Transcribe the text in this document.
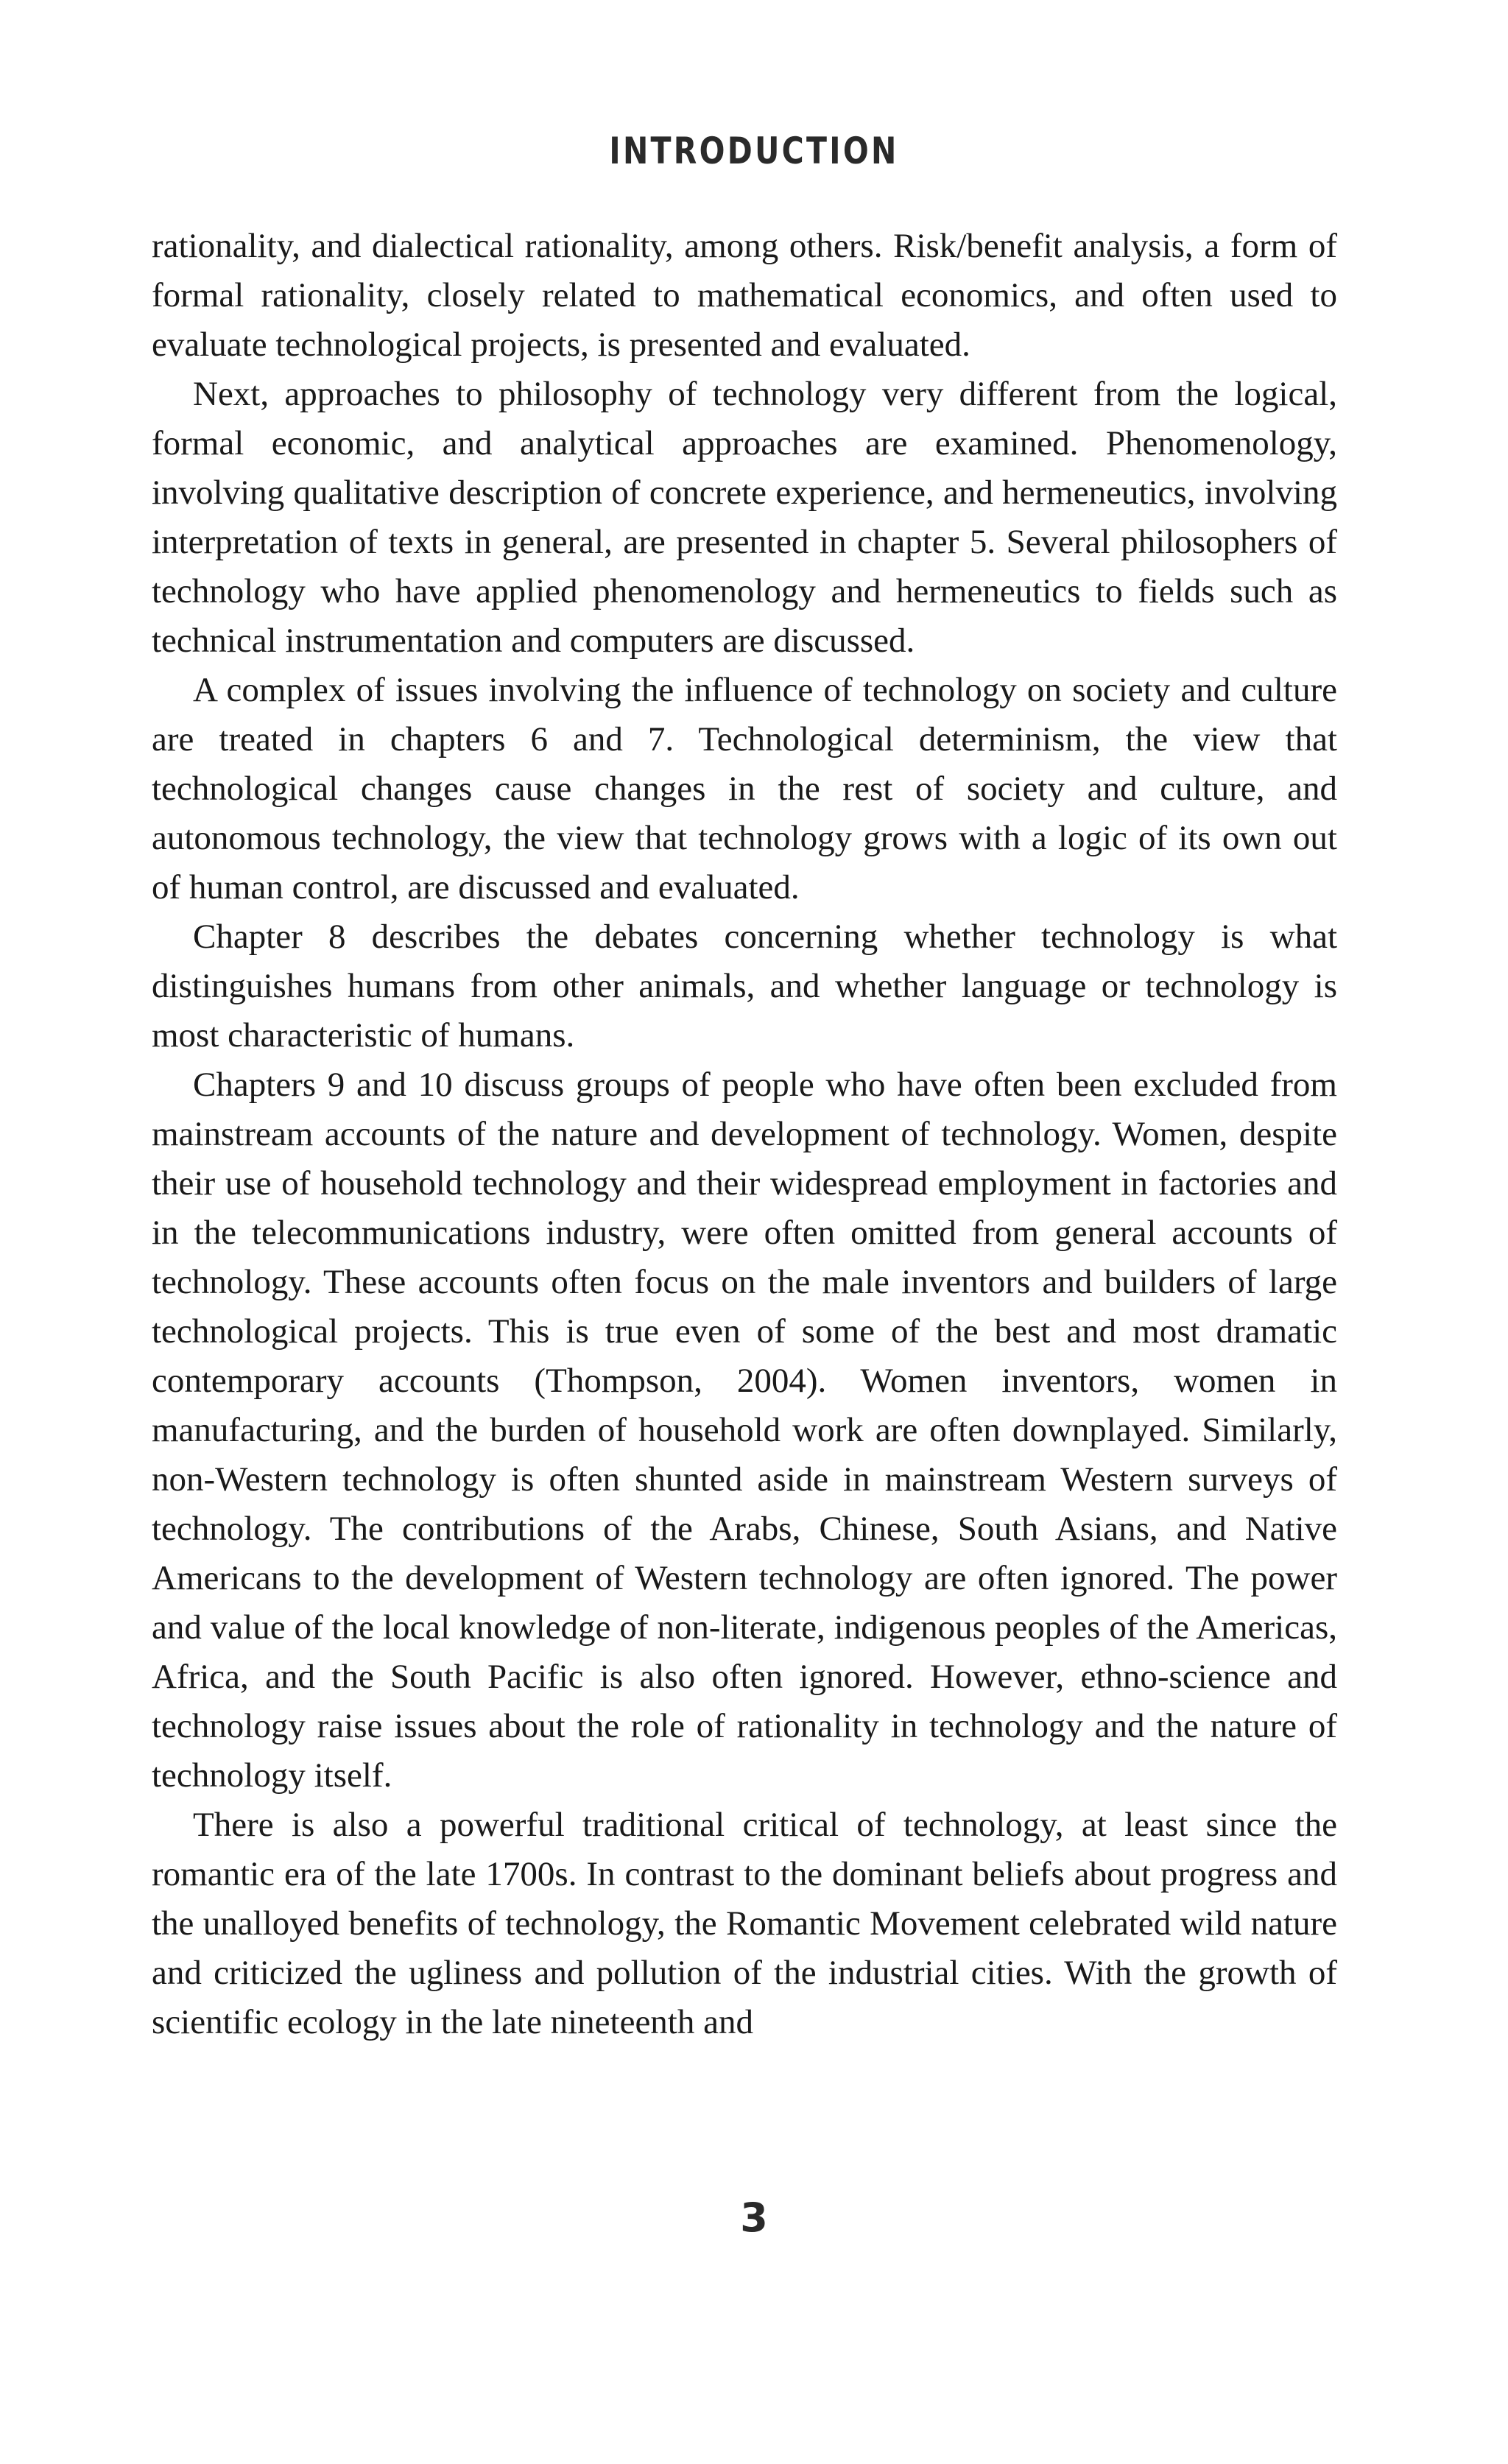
INTRODUCTION

rationality, and dialectical rationality, among others. Risk/benefit analysis, a form of formal rationality, closely related to mathematical economics, and often used to evaluate technological projects, is presented and evaluated.

Next, approaches to philosophy of technology very different from the logical, formal economic, and analytical approaches are examined. Phenomenology, involving qualitative description of concrete experience, and hermeneutics, involving interpretation of texts in general, are presented in chapter 5. Several philosophers of technology who have applied phenomenology and hermeneutics to fields such as technical instrumentation and computers are discussed.

A complex of issues involving the influence of technology on society and culture are treated in chapters 6 and 7. Technological determinism, the view that technological changes cause changes in the rest of society and culture, and autonomous technology, the view that technology grows with a logic of its own out of human control, are discussed and evaluated.

Chapter 8 describes the debates concerning whether technology is what distinguishes humans from other animals, and whether language or technology is most characteristic of humans.

Chapters 9 and 10 discuss groups of people who have often been excluded from mainstream accounts of the nature and development of technology. Women, despite their use of household technology and their widespread employment in factories and in the telecommunications industry, were often omitted from general accounts of technology. These accounts often focus on the male inventors and builders of large technological projects. This is true even of some of the best and most dramatic contemporary accounts (Thompson, 2004). Women inventors, women in manufacturing, and the burden of household work are often downplayed. Similarly, non-Western technology is often shunted aside in mainstream Western surveys of technology. The contributions of the Arabs, Chinese, South Asians, and Native Americans to the development of Western technology are often ignored. The power and value of the local knowledge of non-literate, indigenous peoples of the Americas, Africa, and the South Pacific is also often ignored. However, ethno-science and technology raise issues about the role of rationality in technology and the nature of technology itself.

There is also a powerful traditional critical of technology, at least since the romantic era of the late 1700s. In contrast to the dominant beliefs about progress and the unalloyed benefits of technology, the Romantic Movement celebrated wild nature and criticized the ugliness and pollution of the industrial cities. With the growth of scientific ecology in the late nineteenth and

3
